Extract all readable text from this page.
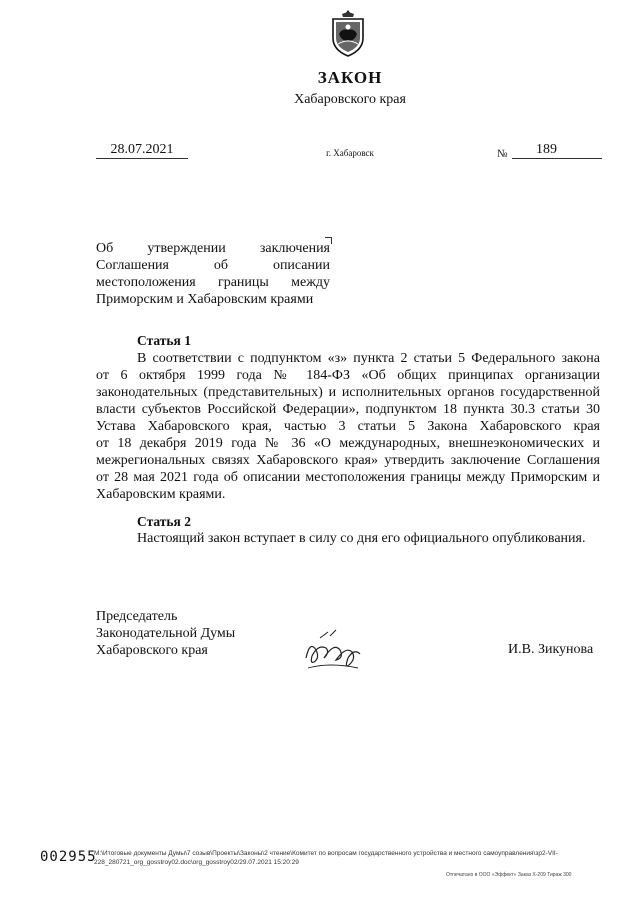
ЗАКОН
Хабаровского края
28.07.2021	г. Хабаровск	№	189
Об утверждении заключения
Соглашения об описании
местоположения границы между
Приморским и Хабаровским краями
Статья 1
В соответствии с подпунктом «з» пункта 2 статьи 5 Федерального закона
от 6 октября 1999 года № 184-ФЗ «Об общих принципах организации
законодательных (представительных) и исполнительных органов государственной
власти субъектов Российской Федерации», подпунктом 18 пункта 30.3 статьи 30
Устава Хабаровского края, частью 3 статьи 5 Закона Хабаровского края
от 18 декабря 2019 года № 36 «О международных, внешнеэкономических и
межрегиональных связях Хабаровского края» утвердить заключение Соглашения
от 28 мая 2021 года об описании местоположения границы между Приморским и
Хабаровским краями.
Статья 2
Настоящий закон вступает в силу со дня его официального опубликования.
Председатель
Законодательной Думы
Хабаровского края	И.В. Зикунова
002955
М:\Итоговые документы Думы\7 созыв\Проекты\Законы\2 чтение\Комитет по вопросам государственного устройства и местного самоуправления\зр2-VII-
228_280721_org_gosstroy02.doc\org_gosstroy02/29.07.2021 15:20:29
Отпечатано в ООО «Эффект» Заказ Х-209 Тираж 300
